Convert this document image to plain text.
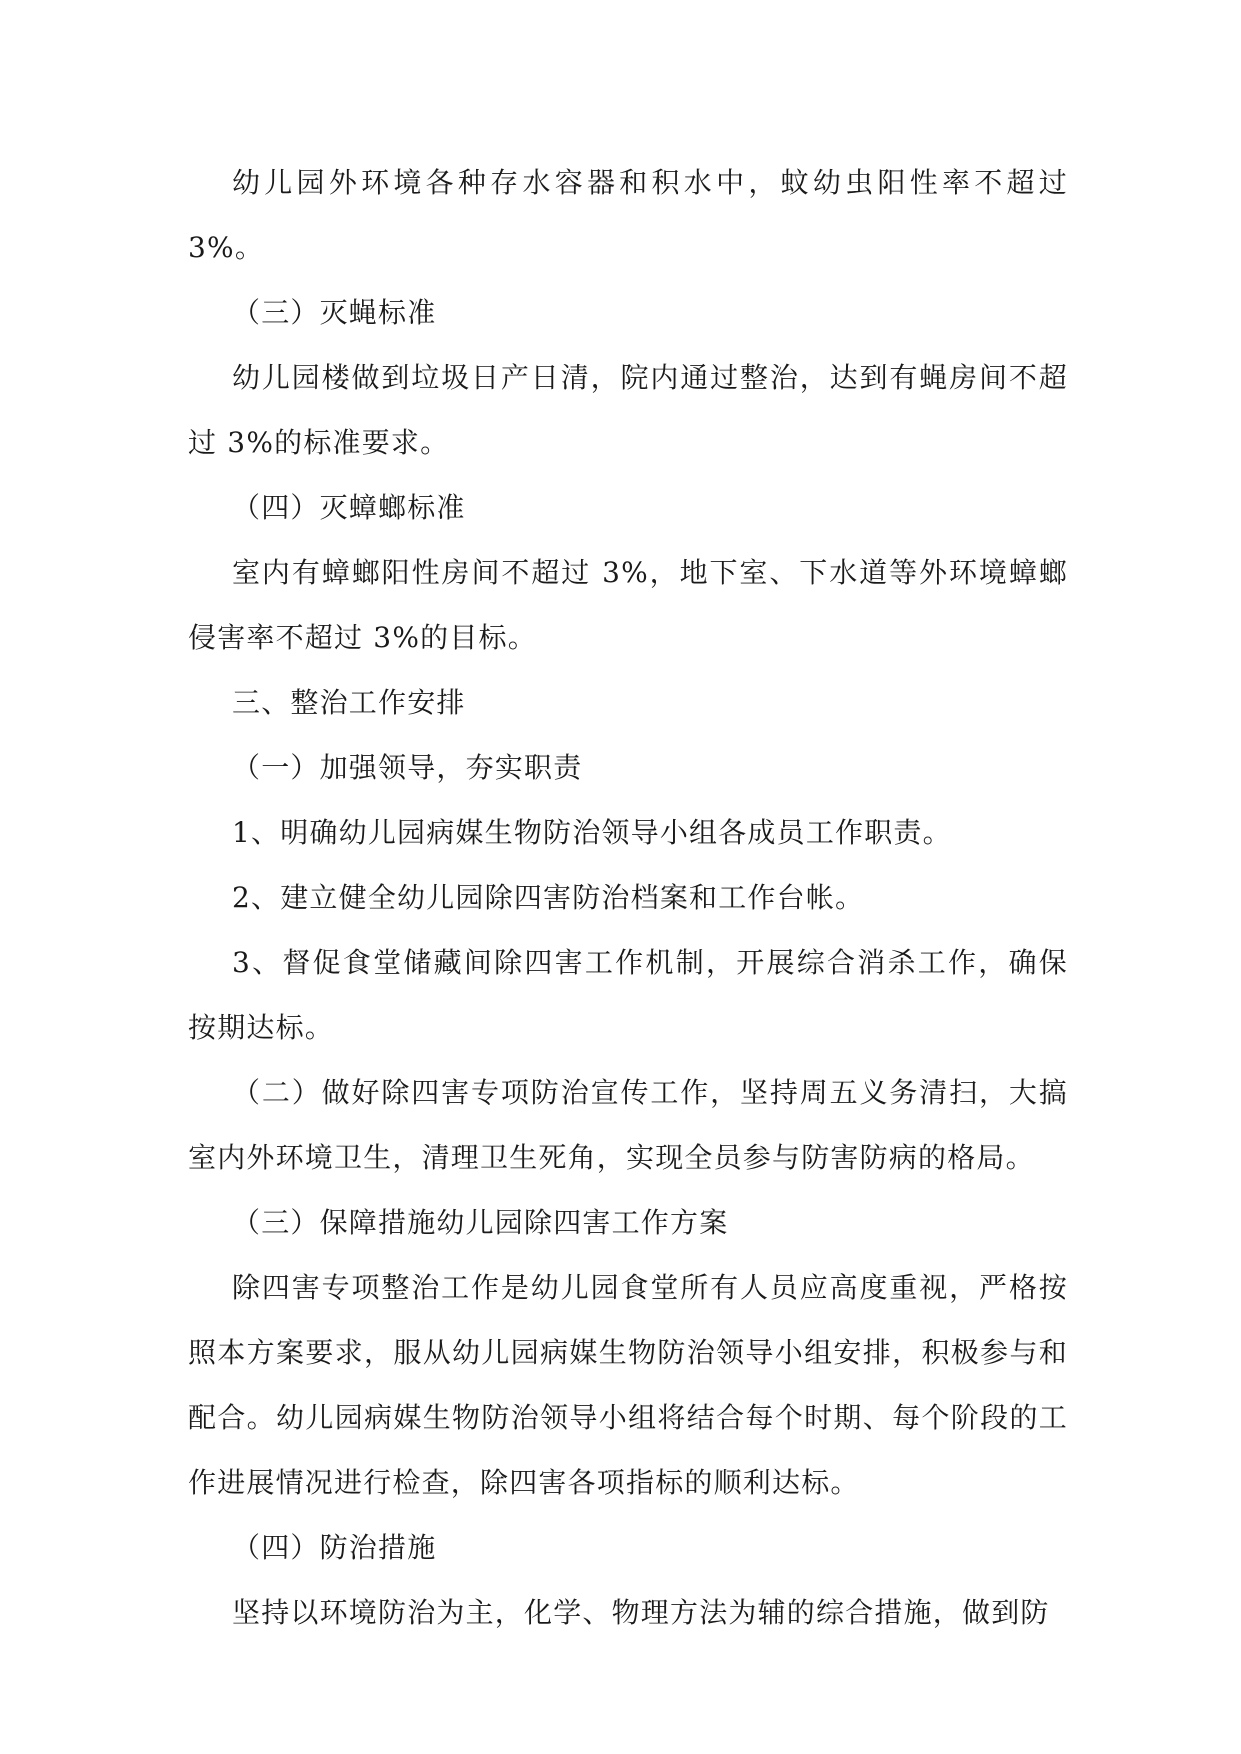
幼儿园外环境各种存水容器和积水中，蚊幼虫阳性率不超过 3%。

（三）灭蝇标准

幼儿园楼做到垃圾日产日清，院内通过整治，达到有蝇房间不超过 3%的标准要求。

（四）灭蟑螂标准

室内有蟑螂阳性房间不超过 3%，地下室、下水道等外环境蟑螂侵害率不超过 3%的目标。

三、整治工作安排

（一）加强领导，夯实职责

1、明确幼儿园病媒生物防治领导小组各成员工作职责。

2、建立健全幼儿园除四害防治档案和工作台帐。

3、督促食堂储藏间除四害工作机制，开展综合消杀工作，确保按期达标。

（二）做好除四害专项防治宣传工作，坚持周五义务清扫，大搞室内外环境卫生，清理卫生死角，实现全员参与防害防病的格局。

（三）保障措施幼儿园除四害工作方案

除四害专项整治工作是幼儿园食堂所有人员应高度重视，严格按照本方案要求，服从幼儿园病媒生物防治领导小组安排，积极参与和配合。幼儿园病媒生物防治领导小组将结合每个时期、每个阶段的工作进展情况进行检查，除四害各项指标的顺利达标。

（四）防治措施

坚持以环境防治为主，化学、物理方法为辅的综合措施，做到防
